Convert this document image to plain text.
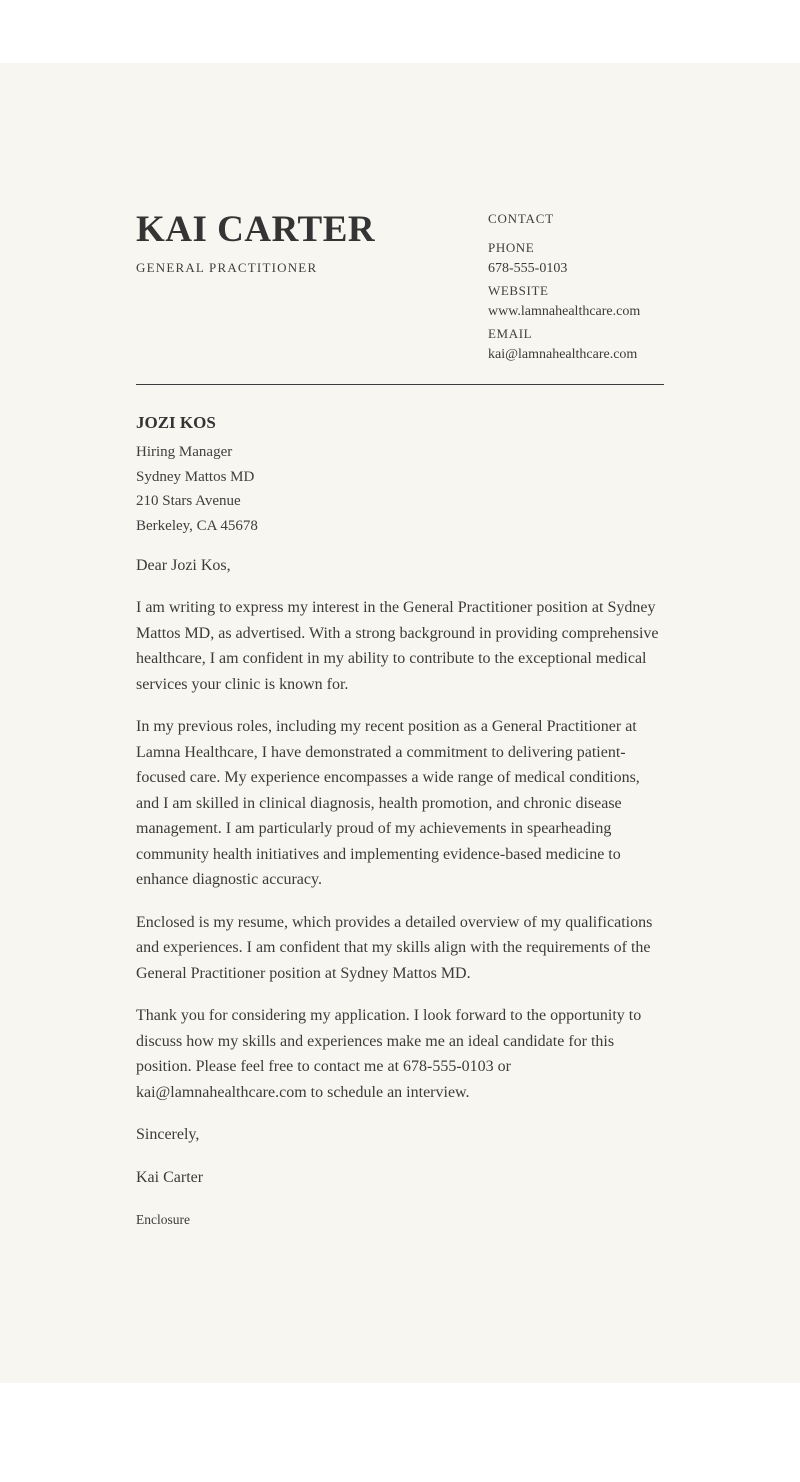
KAI CARTER
GENERAL PRACTITIONER
CONTACT
PHONE
678-555-0103
WEBSITE
www.lamnahealthcare.com
EMAIL
kai@lamnahealthcare.com
JOZI KOS
Hiring Manager
Sydney Mattos MD
210 Stars Avenue
Berkeley, CA 45678

Dear Jozi Kos,

I am writing to express my interest in the General Practitioner position at Sydney Mattos MD, as advertised. With a strong background in providing comprehensive healthcare, I am confident in my ability to contribute to the exceptional medical services your clinic is known for.

In my previous roles, including my recent position as a General Practitioner at Lamna Healthcare, I have demonstrated a commitment to delivering patient-focused care. My experience encompasses a wide range of medical conditions, and I am skilled in clinical diagnosis, health promotion, and chronic disease management. I am particularly proud of my achievements in spearheading community health initiatives and implementing evidence-based medicine to enhance diagnostic accuracy.

Enclosed is my resume, which provides a detailed overview of my qualifications and experiences. I am confident that my skills align with the requirements of the General Practitioner position at Sydney Mattos MD.

Thank you for considering my application. I look forward to the opportunity to discuss how my skills and experiences make me an ideal candidate for this position. Please feel free to contact me at 678-555-0103 or kai@lamnahealthcare.com to schedule an interview.

Sincerely,

Kai Carter

Enclosure
